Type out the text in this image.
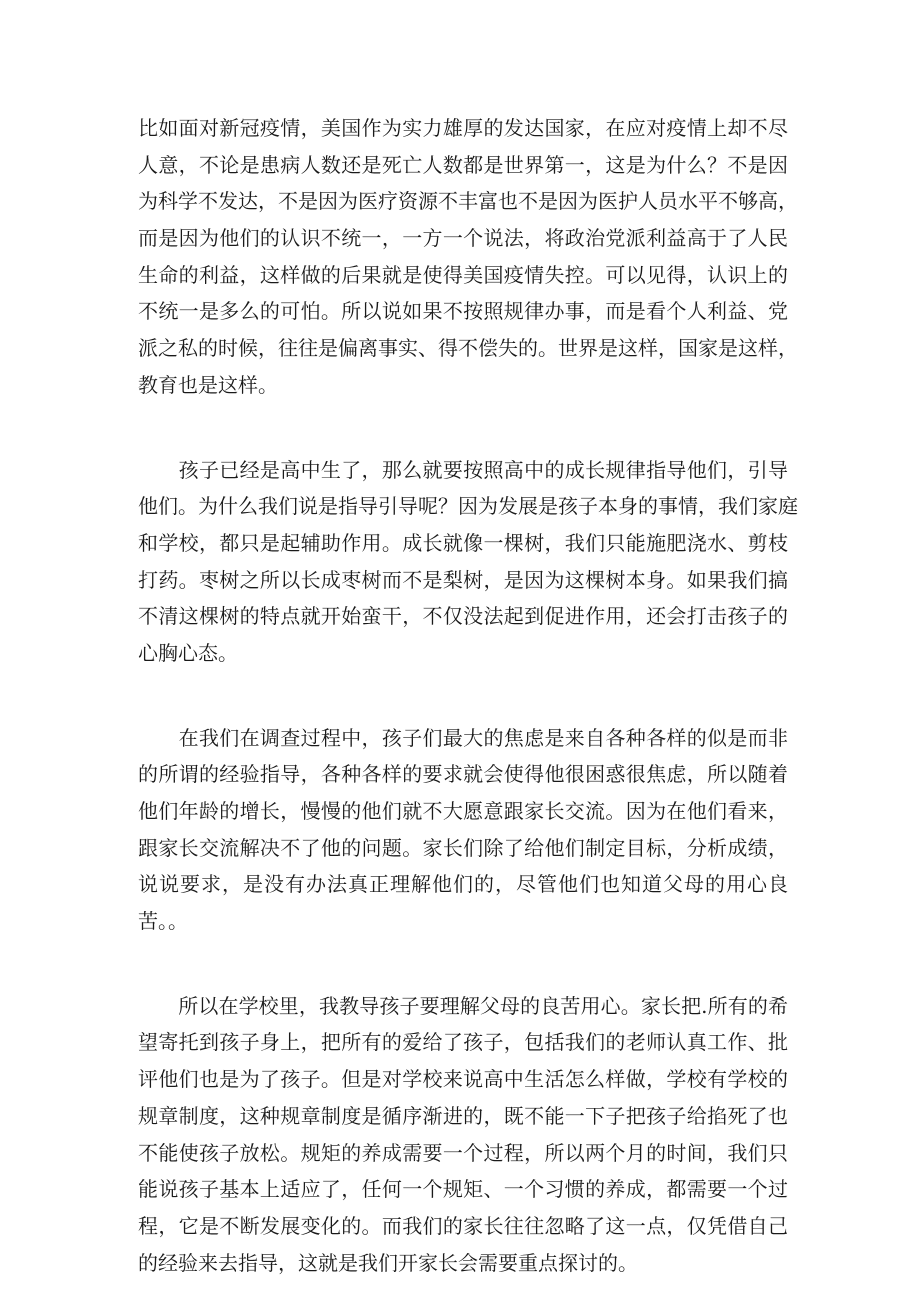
比如面对新冠疫情，美国作为实力雄厚的发达国家，在应对疫情上却不尽
人意，不论是患病人数还是死亡人数都是世界第一，这是为什么？不是因
为科学不发达，不是因为医疗资源不丰富也不是因为医护人员水平不够高，
而是因为他们的认识不统一，一方一个说法，将政治党派利益高于了人民
生命的利益，这样做的后果就是使得美国疫情失控。可以见得，认识上的
不统一是多么的可怕。所以说如果不按照规律办事，而是看个人利益、党
派之私的时候，往往是偏离事实、得不偿失的。世界是这样，国家是这样，
教育也是这样。

　　孩子已经是高中生了，那么就要按照高中的成长规律指导他们，引导
他们。为什么我们说是指导引导呢？因为发展是孩子本身的事情，我们家庭
和学校，都只是起辅助作用。成长就像一棵树，我们只能施肥浇水、剪枝
打药。枣树之所以长成枣树而不是梨树，是因为这棵树本身。如果我们搞
不清这棵树的特点就开始蛮干，不仅没法起到促进作用，还会打击孩子的
心胸心态。

　　在我们在调查过程中，孩子们最大的焦虑是来自各种各样的似是而非
的所谓的经验指导，各种各样的要求就会使得他很困惑很焦虑，所以随着
他们年龄的增长，慢慢的他们就不大愿意跟家长交流。因为在他们看来，
跟家长交流解决不了他的问题。家长们除了给他们制定目标，分析成绩，
说说要求，是没有办法真正理解他们的，尽管他们也知道父母的用心良
苦。。

　　所以在学校里，我教导孩子要理解父母的良苦用心。家长把.所有的希
望寄托到孩子身上，把所有的爱给了孩子，包括我们的老师认真工作、批
评他们也是为了孩子。但是对学校来说高中生活怎么样做，学校有学校的
规章制度，这种规章制度是循序渐进的，既不能一下子把孩子给掐死了也
不能使孩子放松。规矩的养成需要一个过程，所以两个月的时间，我们只
能说孩子基本上适应了，任何一个规矩、一个习惯的养成，都需要一个过
程，它是不断发展变化的。而我们的家长往往忽略了这一点，仅凭借自己
的经验来去指导，这就是我们开家长会需要重点探讨的。
